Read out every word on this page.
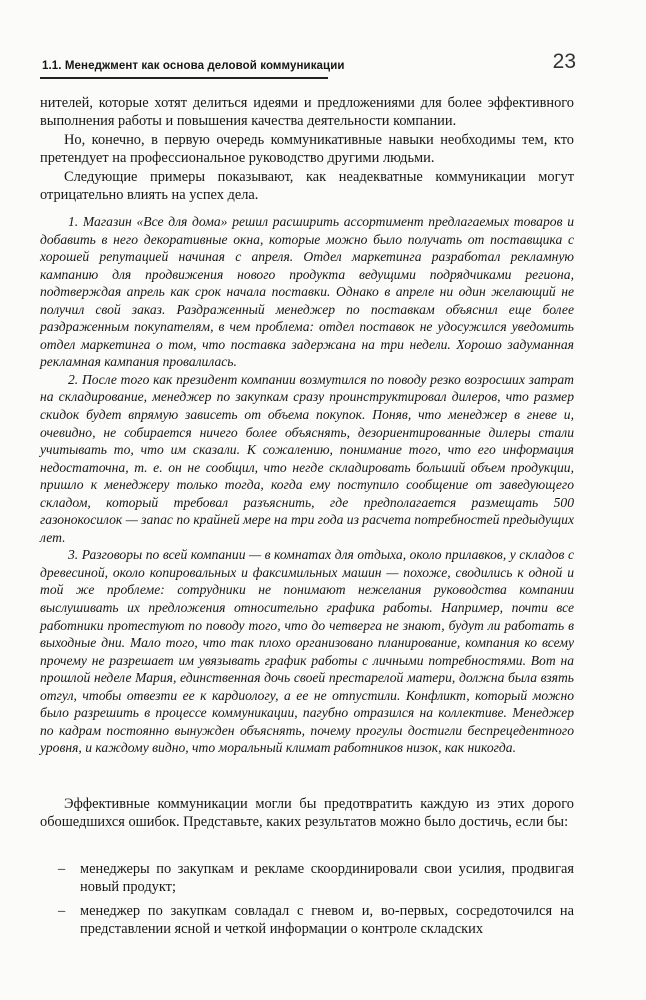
1.1. Менеджмент как основа деловой коммуникации	23

нителей, которые хотят делиться идеями и предложениями для более эффективного выполнения работы и повышения качества деятельности компании.

Но, конечно, в первую очередь коммуникативные навыки необходимы тем, кто претендует на профессиональное руководство другими людьми.

Следующие примеры показывают, как неадекватные коммуникации могут отрицательно влиять на успех дела.

1. Магазин «Все для дома» решил расширить ассортимент предлагаемых товаров и добавить в него декоративные окна, которые можно было получать от поставщика с хорошей репутацией начиная с апреля. Отдел маркетинга разработал рекламную кампанию для продвижения нового продукта ведущими подрядчиками региона, подтверждая апрель как срок начала поставки. Однако в апреле ни один желающий не получил свой заказ. Раздраженный менеджер по поставкам объяснил еще более раздраженным покупателям, в чем проблема: отдел поставок не удосужился уведомить отдел маркетинга о том, что поставка задержана на три недели. Хорошо задуманная рекламная кампания провалилась.

2. После того как президент компании возмутился по поводу резко возросших затрат на складирование, менеджер по закупкам сразу проинструктировал дилеров, что размер скидок будет впрямую зависеть от объема покупок. Поняв, что менеджер в гневе и, очевидно, не собирается ничего более объяснять, дезориентированные дилеры стали учитывать то, что им сказали. К сожалению, понимание того, что его информация недостаточна, т. е. он не сообщил, что негде складировать больший объем продукции, пришло к менеджеру только тогда, когда ему поступило сообщение от заведующего складом, который требовал разъяснить, где предполагается размещать 500 газонокосилок — запас по крайней мере на три года из расчета потребностей предыдущих лет.

3. Разговоры по всей компании — в комнатах для отдыха, около прилавков, у складов с древесиной, около копировальных и факсимильных машин — похоже, сводились к одной и той же проблеме: сотрудники не понимают нежелания руководства компании выслушивать их предложения относительно графика работы. Например, почти все работники протестуют по поводу того, что до четверга не знают, будут ли работать в выходные дни. Мало того, что так плохо организовано планирование, компания ко всему прочему не разрешает им увязывать график работы с личными потребностями. Вот на прошлой неделе Мария, единственная дочь своей престарелой матери, должна была взять отгул, чтобы отвезти ее к кардиологу, а ее не отпустили. Конфликт, который можно было разрешить в процессе коммуникации, пагубно отразился на коллективе. Менеджер по кадрам постоянно вынужден объяснять, почему прогулы достигли беспрецедентного уровня, и каждому видно, что моральный климат работников низок, как никогда.

Эффективные коммуникации могли бы предотвратить каждую из этих дорого обошедшихся ошибок. Представьте, каких результатов можно было достичь, если бы:

– менеджеры по закупкам и рекламе скоординировали свои усилия, продвигая новый продукт;
– менеджер по закупкам совладал с гневом и, во-первых, сосредоточился на представлении ясной и четкой информации о контроле складских
